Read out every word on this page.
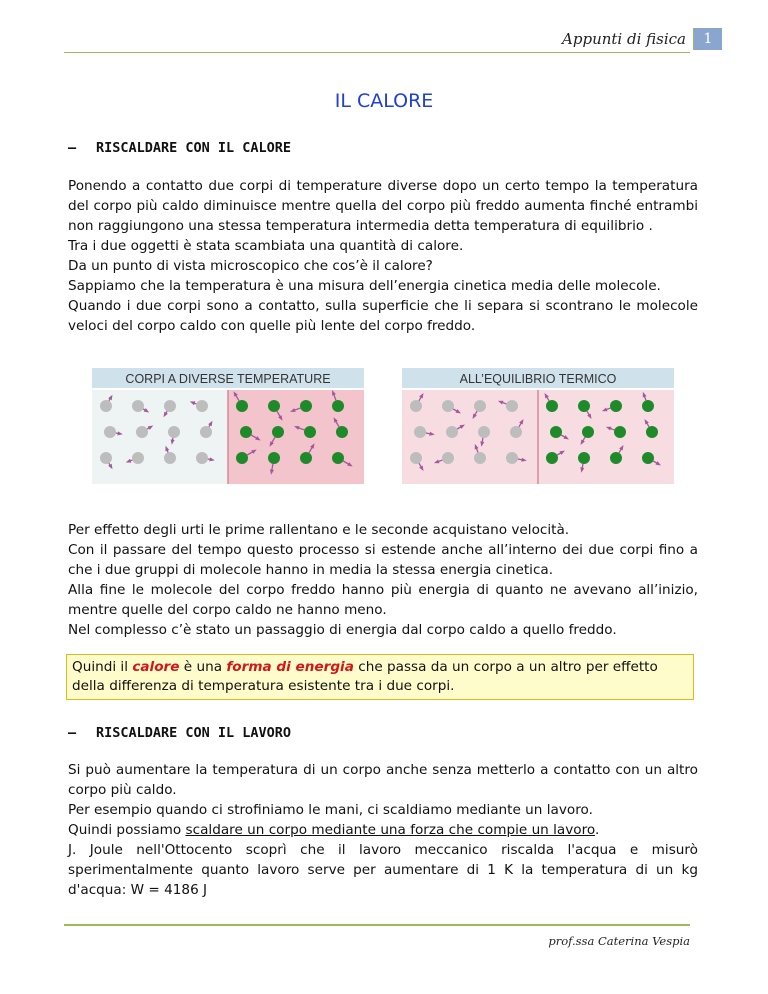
Appunti di fisica	1
IL CALORE
– RISCALDARE CON IL CALORE

Ponendo a contatto due corpi di temperature diverse dopo un certo tempo la temperatura del corpo più caldo diminuisce mentre quella del corpo più freddo aumenta finché entrambi non raggiungono una stessa temperatura intermedia detta temperatura di equilibrio .

Tra i due oggetti è stata scambiata una quantità di calore.

Da un punto di vista microscopico che cos’è il calore?

Sappiamo che la temperatura è una misura dell’energia cinetica media delle molecole.

Quando i due corpi sono a contatto, sulla superficie che li separa si scontrano le molecole veloci del corpo caldo con quelle più lente del corpo freddo.

CORPI A DIVERSE TEMPERATURE	ALL’EQUILIBRIO TERMICO

Per effetto degli urti le prime rallentano e le seconde acquistano velocità.

Con il passare del tempo questo processo si estende anche all’interno dei due corpi fino a che i due gruppi di molecole hanno in media la stessa energia cinetica.

Alla fine le molecole del corpo freddo hanno più energia di quanto ne avevano all’inizio, mentre quelle del corpo caldo ne hanno meno.

Nel complesso c’è stato un passaggio di energia dal corpo caldo a quello freddo.

Quindi il calore è una forma di energia che passa da un corpo a un altro per effetto della differenza di temperatura esistente tra i due corpi.
– RISCALDARE CON IL LAVORO

Si può aumentare la temperatura di un corpo anche senza metterlo a contatto con un altro corpo più caldo.

Per esempio quando ci strofiniamo le mani, ci scaldiamo mediante un lavoro.

Quindi possiamo scaldare un corpo mediante una forza che compie un lavoro.

J. Joule nell'Ottocento scoprì che il lavoro meccanico riscalda l'acqua e misurò sperimentalmente quanto lavoro serve per aumentare di 1 K la temperatura di un kg d'acqua: W = 4186 J

prof.ssa Caterina Vespia
